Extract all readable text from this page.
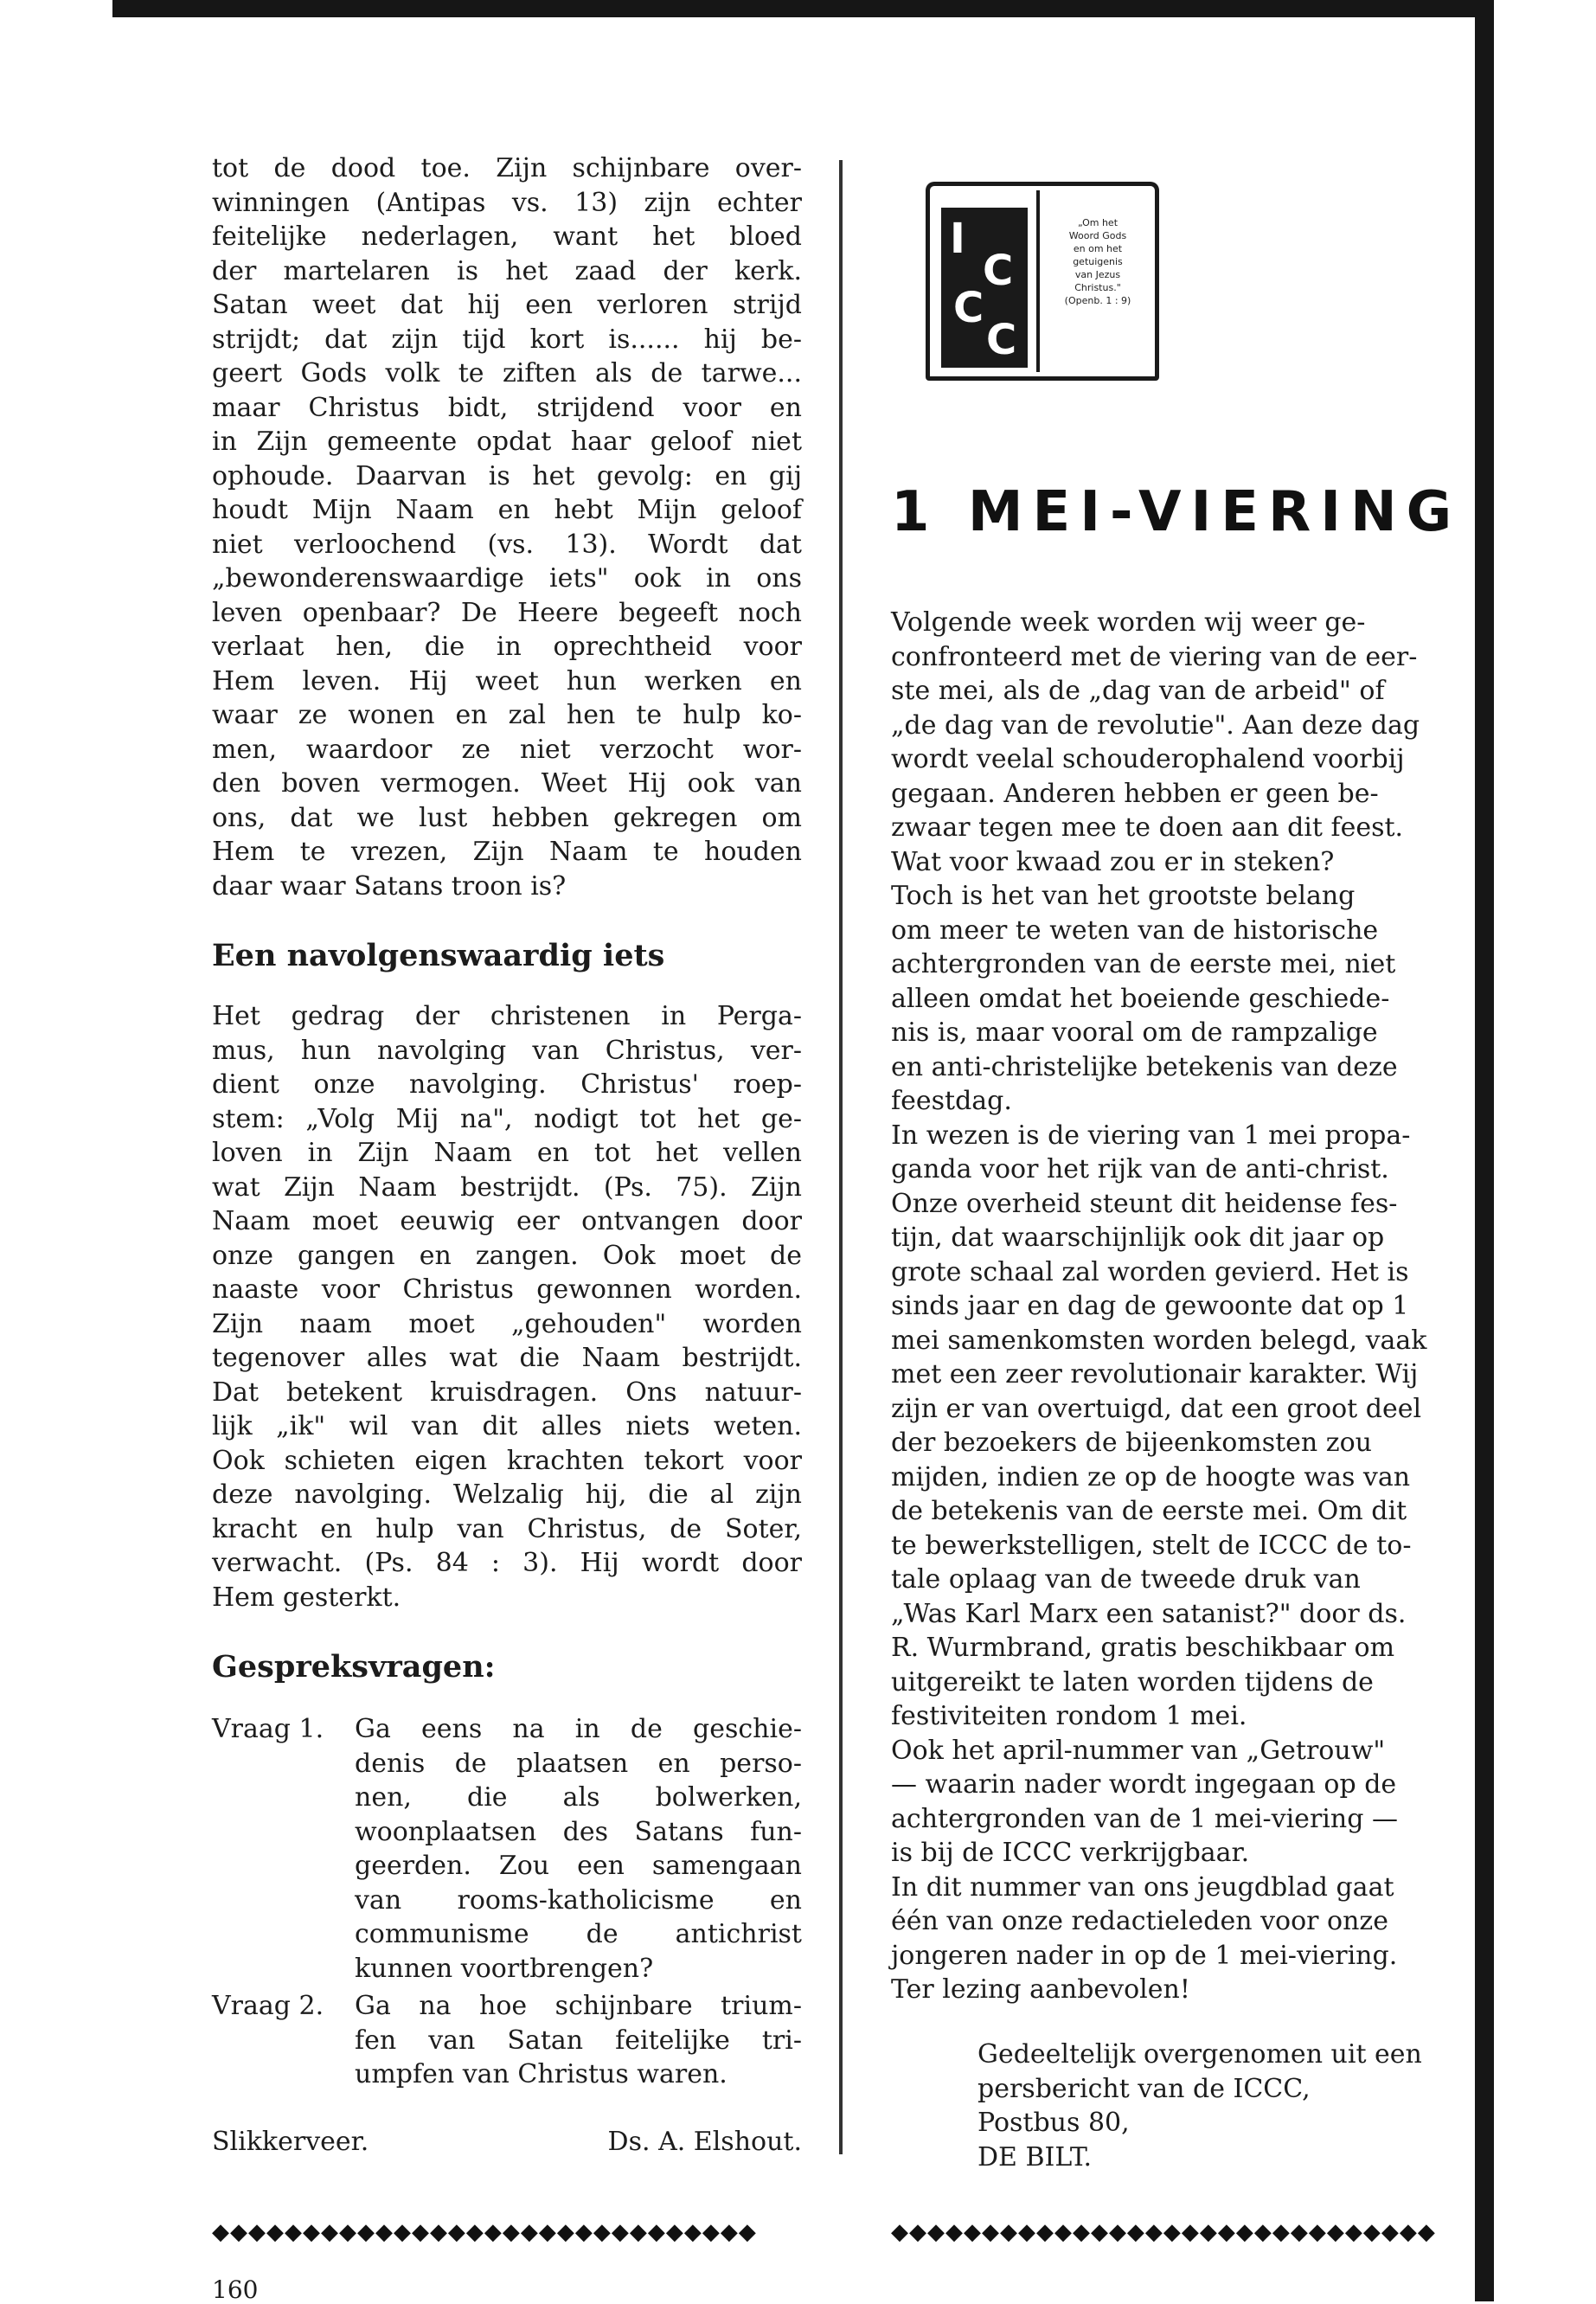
tot de dood toe. Zijn schijnbare over-
winningen (Antipas vs. 13) zijn echter
feitelijke nederlagen, want het bloed
der martelaren is het zaad der kerk.
Satan weet dat hij een verloren strijd
strijdt; dat zijn tijd kort is...... hij be-
geert Gods volk te ziften als de tarwe...
maar Christus bidt, strijdend voor en
in Zijn gemeente opdat haar geloof niet
ophoude. Daarvan is het gevolg: en gij
houdt Mijn Naam en hebt Mijn geloof
niet verloochend (vs. 13). Wordt dat
„bewonderenswaardige iets" ook in ons
leven openbaar? De Heere begeeft noch
verlaat hen, die in oprechtheid voor
Hem leven. Hij weet hun werken en
waar ze wonen en zal hen te hulp ko-
men, waardoor ze niet verzocht wor-
den boven vermogen. Weet Hij ook van
ons, dat we lust hebben gekregen om
Hem te vrezen, Zijn Naam te houden
daar waar Satans troon is?

Een navolgenswaardig iets

Het gedrag der christenen in Perga-
mus, hun navolging van Christus, ver-
dient onze navolging. Christus' roep-
stem: „Volg Mij na", nodigt tot het ge-
loven in Zijn Naam en tot het vellen
wat Zijn Naam bestrijdt. (Ps. 75). Zijn
Naam moet eeuwig eer ontvangen door
onze gangen en zangen. Ook moet de
naaste voor Christus gewonnen worden.
Zijn naam moet „gehouden" worden
tegenover alles wat die Naam bestrijdt.
Dat betekent kruisdragen. Ons natuur-
lijk „ik" wil van dit alles niets weten.
Ook schieten eigen krachten tekort voor
deze navolging. Welzalig hij, die al zijn
kracht en hulp van Christus, de Soter,
verwacht. (Ps. 84 : 3). Hij wordt door
Hem gesterkt.

Gespreksvragen:
Vraag 1.	Ga eens na in de geschie-
denis de plaatsen en perso-
nen, die als bolwerken,
woonplaatsen des Satans fun-
geerden. Zou een samengaan
van rooms-katholicisme en
communisme de antichrist
kunnen voortbrengen?
Vraag 2.	Ga na hoe schijnbare trium-
fen van Satan feitelijke tri-
umpfen van Christus waren.
Slikkerveer.	Ds. A. Elshout.
I
C
C
C
„Om het
Woord Gods
en om het
getuigenis
van Jezus
Christus."
(Openb. 1 : 9)
1 MEI-VIERING

Volgende week worden wij weer ge-
confronteerd met de viering van de eer-
ste mei, als de „dag van de arbeid" of
„de dag van de revolutie". Aan deze dag
wordt veelal schouderophalend voorbij
gegaan. Anderen hebben er geen be-
zwaar tegen mee te doen aan dit feest.
Wat voor kwaad zou er in steken?
Toch is het van het grootste belang
om meer te weten van de historische
achtergronden van de eerste mei, niet
alleen omdat het boeiende geschiede-
nis is, maar vooral om de rampzalige
en anti-christelijke betekenis van deze
feestdag.
In wezen is de viering van 1 mei propa-
ganda voor het rijk van de anti-christ.
Onze overheid steunt dit heidense fes-
tijn, dat waarschijnlijk ook dit jaar op
grote schaal zal worden gevierd. Het is
sinds jaar en dag de gewoonte dat op 1
mei samenkomsten worden belegd, vaak
met een zeer revolutionair karakter. Wij
zijn er van overtuigd, dat een groot deel
der bezoekers de bijeenkomsten zou
mijden, indien ze op de hoogte was van
de betekenis van de eerste mei. Om dit
te bewerkstelligen, stelt de ICCC de to-
tale oplaag van de tweede druk van
„Was Karl Marx een satanist?" door ds.
R. Wurmbrand, gratis beschikbaar om
uitgereikt te laten worden tijdens de
festiviteiten rondom 1 mei.
Ook het april-nummer van „Getrouw"
— waarin nader wordt ingegaan op de
achtergronden van de 1 mei-viering —
is bij de ICCC verkrijgbaar.
In dit nummer van ons jeugdblad gaat
één van onze redactieleden voor onze
jongeren nader in op de 1 mei-viering.
Ter lezing aanbevolen!

Gedeeltelijk overgenomen uit een
persbericht van de ICCC,
Postbus 80,
DE BILT.
◆◆◆◆◆◆◆◆◆◆◆◆◆◆◆◆◆◆◆◆◆◆◆◆◆◆◆◆◆◆	◆◆◆◆◆◆◆◆◆◆◆◆◆◆◆◆◆◆◆◆◆◆◆◆◆◆◆◆◆◆
160
